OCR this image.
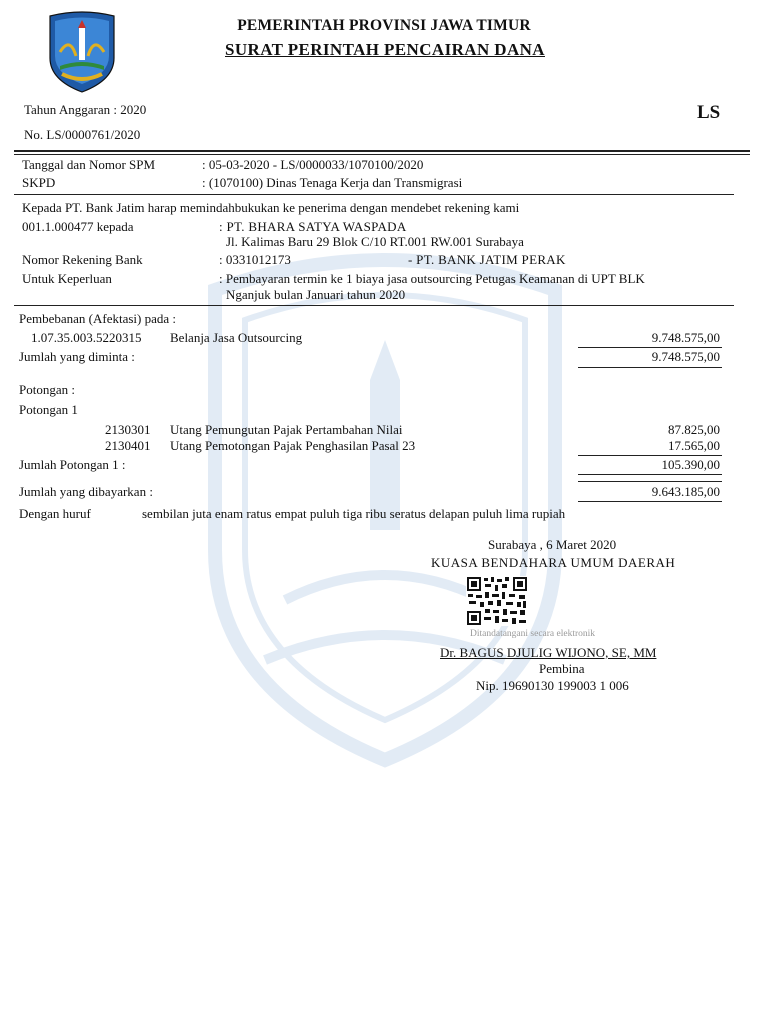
PEMERINTAH PROVINSI JAWA TIMUR
SURAT PERINTAH PENCAIRAN DANA
Tahun Anggaran : 2020
No. LS/0000761/2020
LS
Tanggal dan Nomor SPM	: 05-03-2020 - LS/0000033/1070100/2020
SKPD	: (1070100) Dinas Tenaga Kerja dan Transmigrasi
Kepada PT. Bank Jatim harap memindahbukukan ke penerima dengan mendebet rekening kami
001.1.000477 kepada	: PT. BHARA SATYA WASPADA
Jl. Kalimas Baru 29 Blok C/10 RT.001 RW.001 Surabaya
Nomor Rekening Bank	: 0331012173	- PT. BANK JATIM PERAK
Untuk Keperluan	: Pembayaran termin ke 1 biaya jasa outsourcing Petugas Keamanan di UPT BLK
Nganjuk bulan Januari tahun 2020
Pembebanan (Afektasi) pada :
1.07.35.003.5220315 Belanja Jasa Outsourcing	9.748.575,00
Jumlah yang diminta :	9.748.575,00
Potongan :
Potongan 1
2130301 Utang Pemungutan Pajak Pertambahan Nilai	87.825,00
2130401 Utang Pemotongan Pajak Penghasilan Pasal 23	17.565,00
Jumlah Potongan 1 :	105.390,00
Jumlah yang dibayarkan :	9.643.185,00
Dengan huruf	sembilan juta enam ratus empat puluh tiga ribu seratus delapan puluh lima rupiah
Surabaya , 6 Maret 2020
KUASA BENDAHARA UMUM DAERAH
Ditandatangani secara elektronik
Dr. BAGUS DJULIG WIJONO, SE, MM
Pembina
Nip. 19690130 199003 1 006
